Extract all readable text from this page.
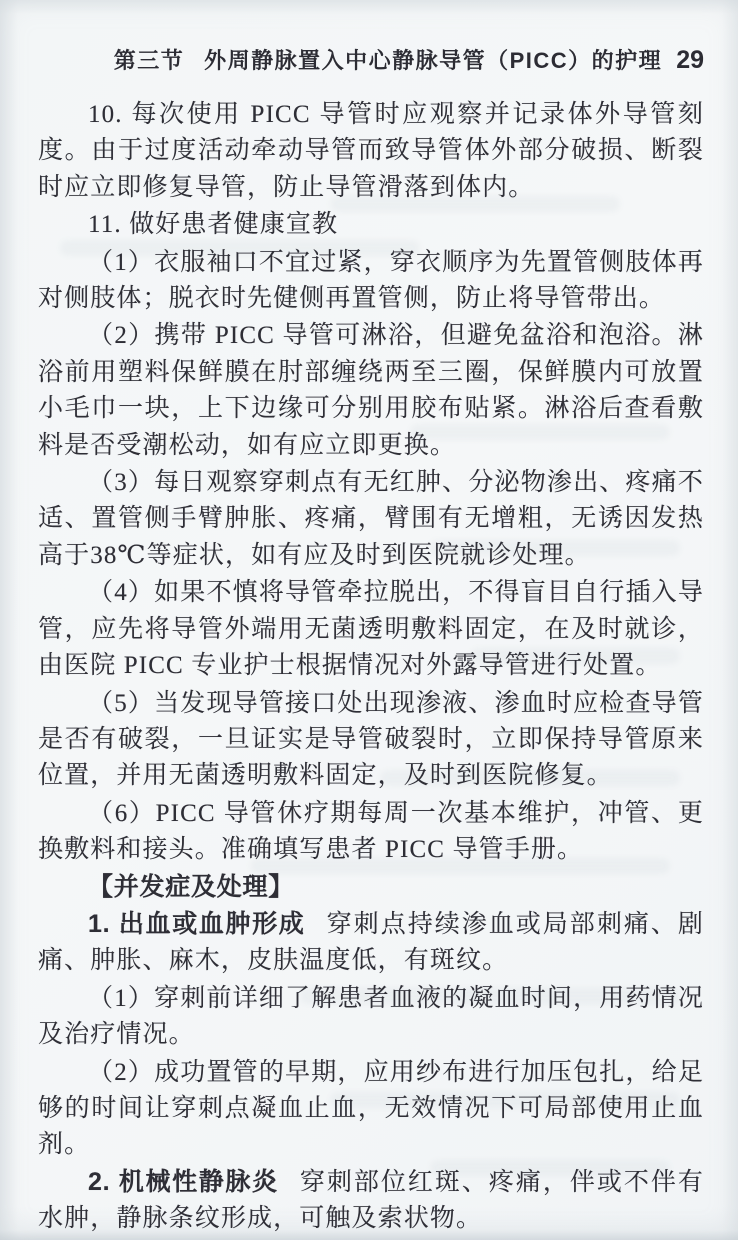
第三节 外周静脉置入中心静脉导管（PICC）的护理 29

10. 每次使用 PICC 导管时应观察并记录体外导管刻度。由于过度活动牵动导管而致导管体外部分破损、断裂时应立即修复导管，防止导管滑落到体内。

11. 做好患者健康宣教

（1）衣服袖口不宜过紧，穿衣顺序为先置管侧肢体再对侧肢体；脱衣时先健侧再置管侧，防止将导管带出。

（2）携带 PICC 导管可淋浴，但避免盆浴和泡浴。淋浴前用塑料保鲜膜在肘部缠绕两至三圈，保鲜膜内可放置小毛巾一块，上下边缘可分别用胶布贴紧。淋浴后查看敷料是否受潮松动，如有应立即更换。

（3）每日观察穿刺点有无红肿、分泌物渗出、疼痛不适、置管侧手臂肿胀、疼痛，臂围有无增粗，无诱因发热高于38℃等症状，如有应及时到医院就诊处理。

（4）如果不慎将导管牵拉脱出，不得盲目自行插入导管，应先将导管外端用无菌透明敷料固定，在及时就诊，由医院 PICC 专业护士根据情况对外露导管进行处置。

（5）当发现导管接口处出现渗液、渗血时应检查导管是否有破裂，一旦证实是导管破裂时，立即保持导管原来位置，并用无菌透明敷料固定，及时到医院修复。

（6）PICC 导管休疗期每周一次基本维护，冲管、更换敷料和接头。准确填写患者 PICC 导管手册。

【并发症及处理】

1. 出血或血肿形成 穿刺点持续渗血或局部刺痛、剧痛、肿胀、麻木，皮肤温度低，有斑纹。

（1）穿刺前详细了解患者血液的凝血时间，用药情况及治疗情况。

（2）成功置管的早期，应用纱布进行加压包扎，给足够的时间让穿刺点凝血止血，无效情况下可局部使用止血剂。

2. 机械性静脉炎 穿刺部位红斑、疼痛，伴或不伴有水肿，静脉条纹形成，可触及索状物。
